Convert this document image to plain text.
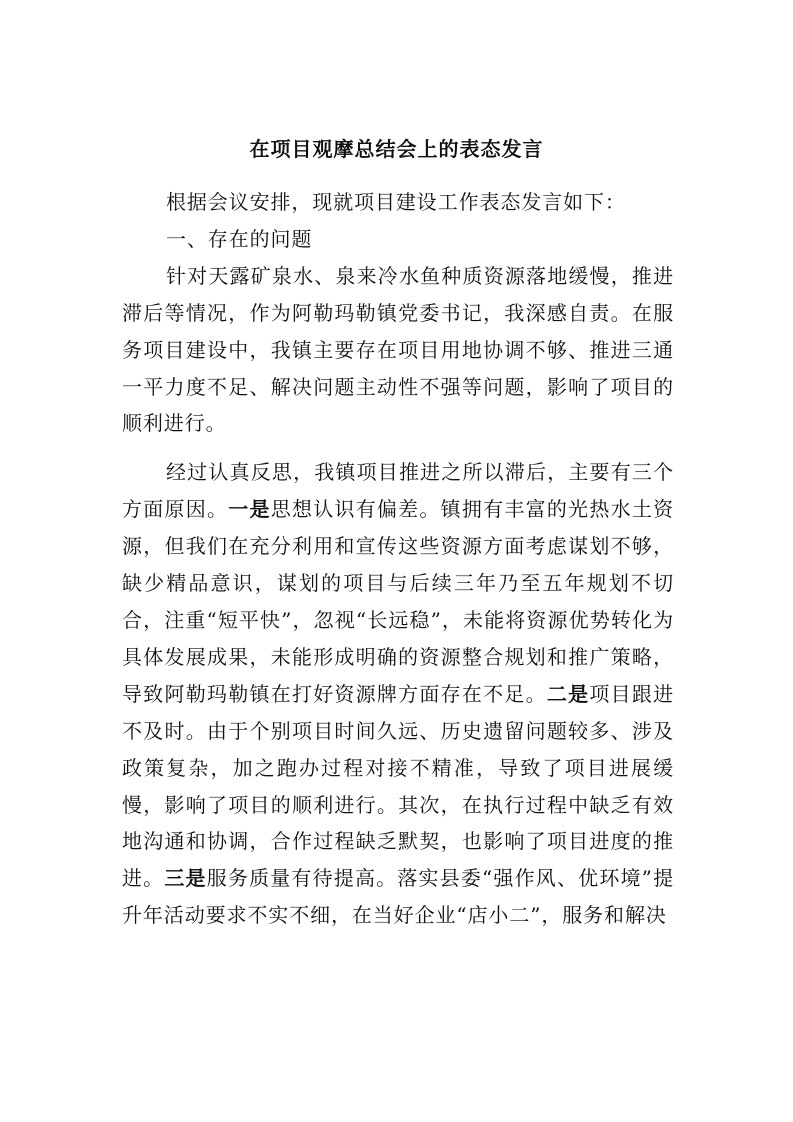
在项目观摩总结会上的表态发言

根据会议安排，现就项目建设工作表态发言如下：

一、存在的问题

针对天露矿泉水、泉来冷水鱼种质资源落地缓慢，推进滞后等情况，作为阿勒玛勒镇党委书记，我深感自责。在服务项目建设中，我镇主要存在项目用地协调不够、推进三通一平力度不足、解决问题主动性不强等问题，影响了项目的顺利进行。

经过认真反思，我镇项目推进之所以滞后，主要有三个方面原因。一是思想认识有偏差。镇拥有丰富的光热水土资源，但我们在充分利用和宣传这些资源方面考虑谋划不够，缺少精品意识，谋划的项目与后续三年乃至五年规划不切合，注重“短平快”，忽视“长远稳”，未能将资源优势转化为具体发展成果，未能形成明确的资源整合规划和推广策略，导致阿勒玛勒镇在打好资源牌方面存在不足。二是项目跟进不及时。由于个别项目时间久远、历史遗留问题较多、涉及政策复杂，加之跑办过程对接不精准，导致了项目进展缓慢，影响了项目的顺利进行。其次，在执行过程中缺乏有效地沟通和协调，合作过程缺乏默契，也影响了项目进度的推进。三是服务质量有待提高。落实县委“强作风、优环境”提升年活动要求不实不细，在当好企业“店小二”，服务和解决
